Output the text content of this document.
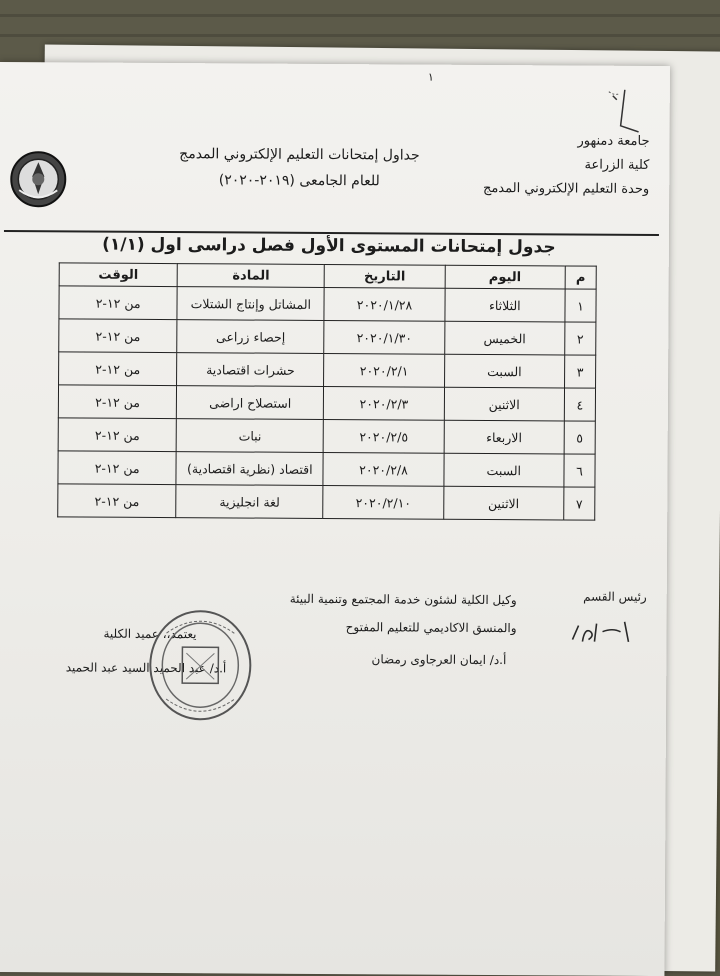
١
جامعة دمنهور
كلية الزراعة
وحدة التعليم الإلكتروني المدمج
جداول إمتحانات التعليم الإلكتروني المدمج
للعام الجامعى (٢٠١٩-٢٠٢٠)
جدول إمتحانات المستوى الأول فصل دراسى اول (١/١)
م	اليوم	التاريخ	المادة	الوقت
١	الثلاثاء	٢٠٢٠/١/٢٨	المشاتل وإنتاج الشتلات	من ١٢-٢
٢	الخميس	٢٠٢٠/١/٣٠	إحصاء زراعى	من ١٢-٢
٣	السبت	٢٠٢٠/٢/١	حشرات اقتصادية	من ١٢-٢
٤	الاثنين	٢٠٢٠/٢/٣	استصلاح اراضى	من ١٢-٢
٥	الاربعاء	٢٠٢٠/٢/٥	نبات	من ١٢-٢
٦	السبت	٢٠٢٠/٢/٨	اقتصاد (نظرية اقتصادية)	من ١٢-٢
٧	الاثنين	٢٠٢٠/٢/١٠	لغة انجليزية	من ١٢-٢
رئيس القسم
وكيل الكلية لشئون خدمة المجتمع وتنمية البيئة
والمنسق الاكاديمي للتعليم المفتوح
أ.د/ ايمان العرجاوى رمضان
يعتمد،، عميد الكلية
أ.د/ عبد الحميد السيد عبد الحميد
